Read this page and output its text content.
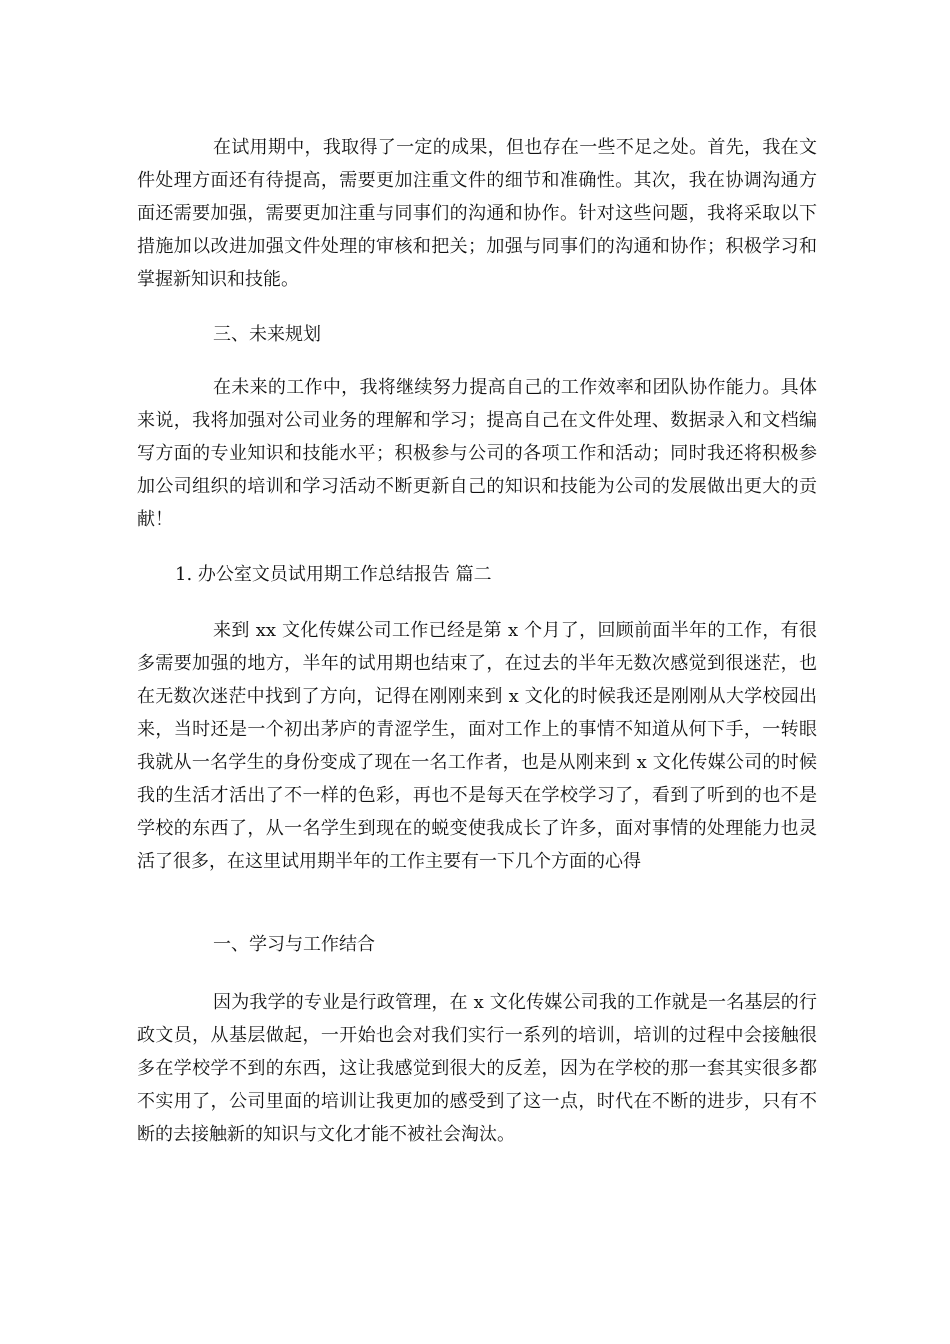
在试用期中，我取得了一定的成果，但也存在一些不足之处。首先，我在文件处理方面还有待提高，需要更加注重文件的细节和准确性。其次，我在协调沟通方面还需要加强，需要更加注重与同事们的沟通和协作。针对这些问题，我将采取以下措施加以改进加强文件处理的审核和把关；加强与同事们的沟通和协作；积极学习和掌握新知识和技能。

三、未来规划

在未来的工作中，我将继续努力提高自己的工作效率和团队协作能力。具体来说，我将加强对公司业务的理解和学习；提高自己在文件处理、数据录入和文档编写方面的专业知识和技能水平；积极参与公司的各项工作和活动；同时我还将积极参加公司组织的培训和学习活动不断更新自己的知识和技能为公司的发展做出更大的贡献！

1. 办公室文员试用期工作总结报告 篇二

来到 xx 文化传媒公司工作已经是第 x 个月了，回顾前面半年的工作，有很多需要加强的地方，半年的试用期也结束了，在过去的半年无数次感觉到很迷茫，也在无数次迷茫中找到了方向，记得在刚刚来到 x 文化的时候我还是刚刚从大学校园出来，当时还是一个初出茅庐的青涩学生，面对工作上的事情不知道从何下手，一转眼我就从一名学生的身份变成了现在一名工作者，也是从刚来到 x 文化传媒公司的时候我的生活才活出了不一样的色彩，再也不是每天在学校学习了，看到了听到的也不是学校的东西了，从一名学生到现在的蜕变使我成长了许多，面对事情的处理能力也灵活了很多，在这里试用期半年的工作主要有一下几个方面的心得

一、学习与工作结合

因为我学的专业是行政管理，在 x 文化传媒公司我的工作就是一名基层的行政文员，从基层做起，一开始也会对我们实行一系列的培训，培训的过程中会接触很多在学校学不到的东西，这让我感觉到很大的反差，因为在学校的那一套其实很多都不实用了，公司里面的培训让我更加的感受到了这一点，时代在不断的进步，只有不断的去接触新的知识与文化才能不被社会淘汰。
